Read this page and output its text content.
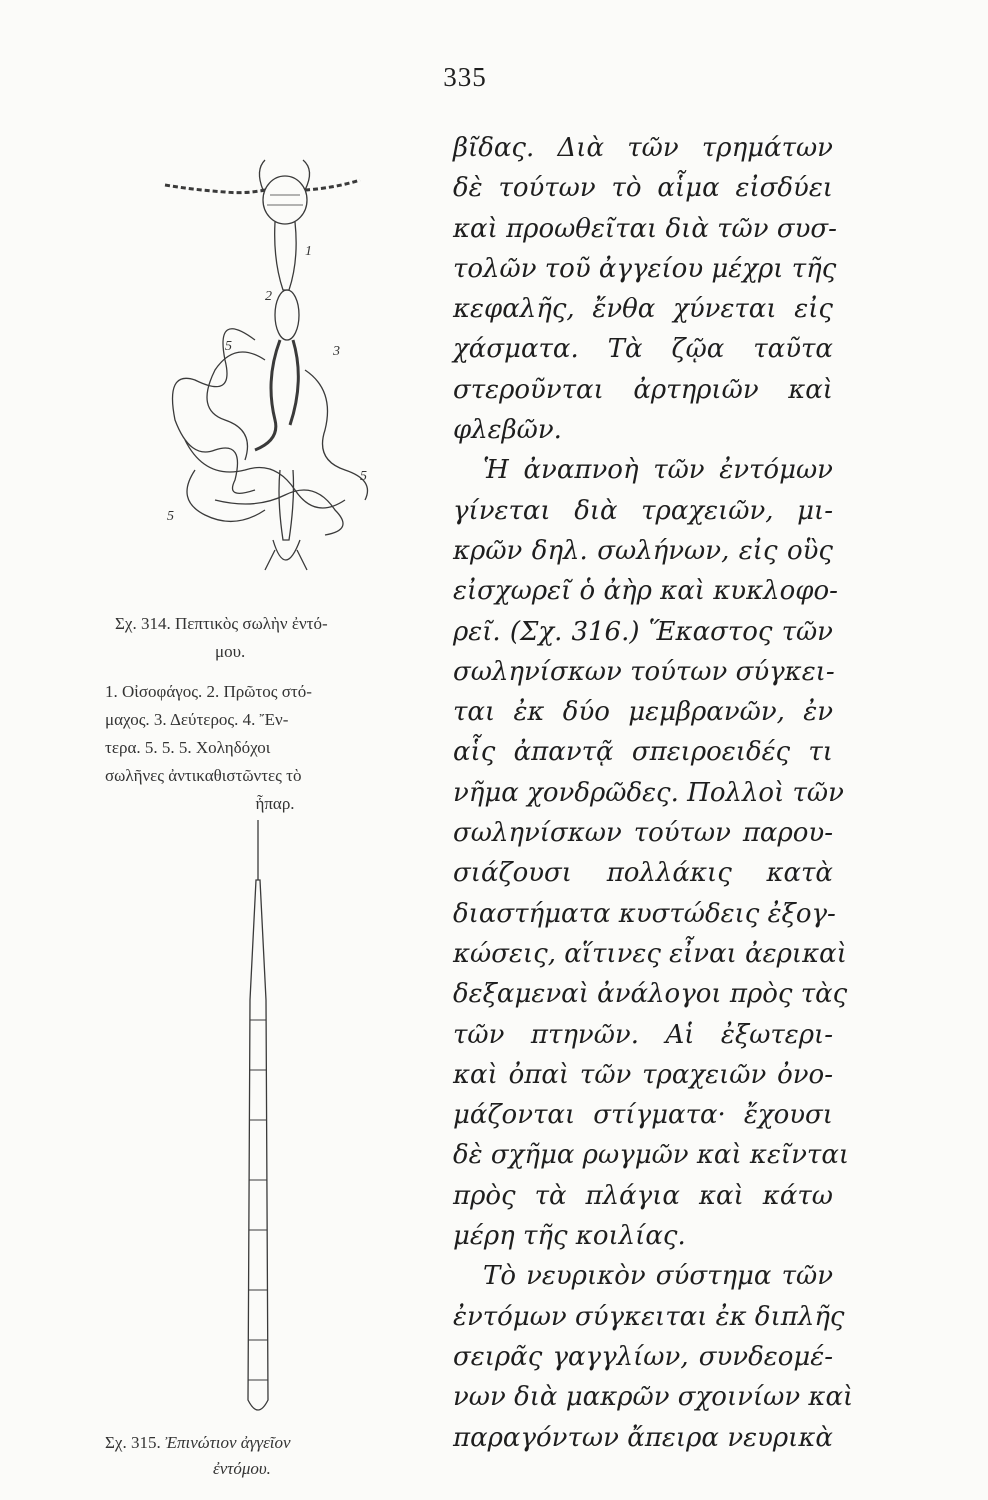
335
1
2
3
5
5
5
Σχ. 314. Πεπτικὸς σωλὴν ἐντό-
μου.
1. Οἰσοφάγος. 2. Πρῶτος στό-
μαχος. 3. Δεύτερος. 4. Ἔν-
τερα. 5. 5. 5. Χοληδόχοι
σωλῆνες ἀντικαθιστῶντες τὸ
ἧπαρ.
Σχ. 315. Ἐπινώτιον ἀγγεῖον
ἐντόμου.
βῖδας. Διὰ τῶν τρημάτων
δὲ τούτων τὸ αἷμα εἰσδύει
καὶ προωθεῖται διὰ τῶν συσ-
τολῶν τοῦ ἀγγείου μέχρι τῆς
κεφαλῆς, ἔνθα χύνεται εἰς
χάσματα. Τὰ ζῷα ταῦτα
στεροῦνται ἀρτηριῶν καὶ
φλεβῶν.
Ἡ ἀναπνοὴ τῶν ἐντόμων
γίνεται διὰ τραχειῶν, μι-
κρῶν δηλ. σωλήνων, εἰς οὓς
εἰσχωρεῖ ὁ ἀὴρ καὶ κυκλοφο-
ρεῖ. (Σχ. 316.) Ἕκαστος τῶν
σωληνίσκων τούτων σύγκει-
ται ἐκ δύο μεμβρανῶν, ἐν
αἷς ἀπαντᾷ σπειροειδές τι
νῆμα χονδρῶδες. Πολλοὶ τῶν
σωληνίσκων τούτων παρου-
σιάζουσι πολλάκις κατὰ
διαστήματα κυστώδεις ἐξογ-
κώσεις, αἵτινες εἶναι ἀερικαὶ
δεξαμεναὶ ἀνάλογοι πρὸς τὰς
τῶν πτηνῶν. Αἱ ἐξωτερι-
καὶ ὀπαὶ τῶν τραχειῶν ὀνο-
μάζονται στίγματα· ἔχουσι
δὲ σχῆμα ρωγμῶν καὶ κεῖνται
πρὸς τὰ πλάγια καὶ κάτω
μέρη τῆς κοιλίας.
Τὸ νευρικὸν σύστημα τῶν
ἐντόμων σύγκειται ἐκ διπλῆς
σειρᾶς γαγγλίων, συνδεομέ-
νων διὰ μακρῶν σχοινίων καὶ
παραγόντων ἄπειρα νευρικὰ
